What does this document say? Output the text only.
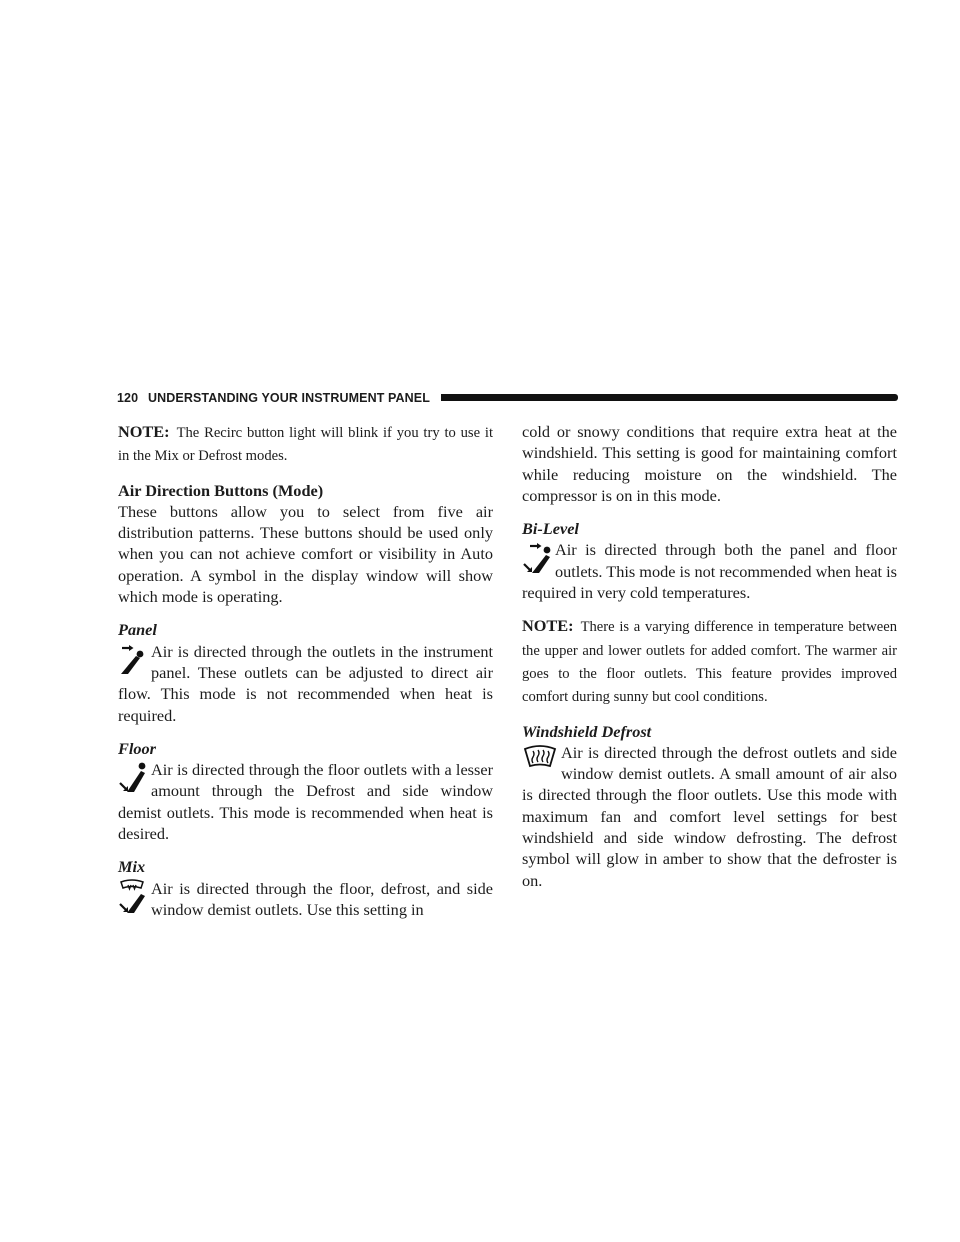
120 UNDERSTANDING YOUR INSTRUMENT PANEL

NOTE: The Recirc button light will blink if you try to use it in the Mix or Defrost modes.

Air Direction Buttons (Mode)

These buttons allow you to select from five air distribution patterns. These buttons should be used only when you can not achieve comfort or visibility in Auto operation. A symbol in the display window will show which mode is operating.

Panel

Air is directed through the outlets in the instrument panel. These outlets can be adjusted to direct air flow. This mode is not recommended when heat is required.

Floor

Air is directed through the floor outlets with a lesser amount through the Defrost and side window demist outlets. This mode is recommended when heat is desired.

Mix

Air is directed through the floor, defrost, and side window demist outlets. Use this setting in

cold or snowy conditions that require extra heat at the windshield. This setting is good for maintaining comfort while reducing moisture on the windshield. The compressor is on in this mode.

Bi-Level

Air is directed through both the panel and floor outlets. This mode is not recommended when heat is required in very cold temperatures.

NOTE: There is a varying difference in temperature between the upper and lower outlets for added comfort. The warmer air goes to the floor outlets. This feature provides improved comfort during sunny but cool conditions.

Windshield Defrost

Air is directed through the defrost outlets and side window demist outlets. A small amount of air also is directed through the floor outlets. Use this mode with maximum fan and comfort level settings for best windshield and side window defrosting. The defrost symbol will glow in amber to show that the defroster is on.
